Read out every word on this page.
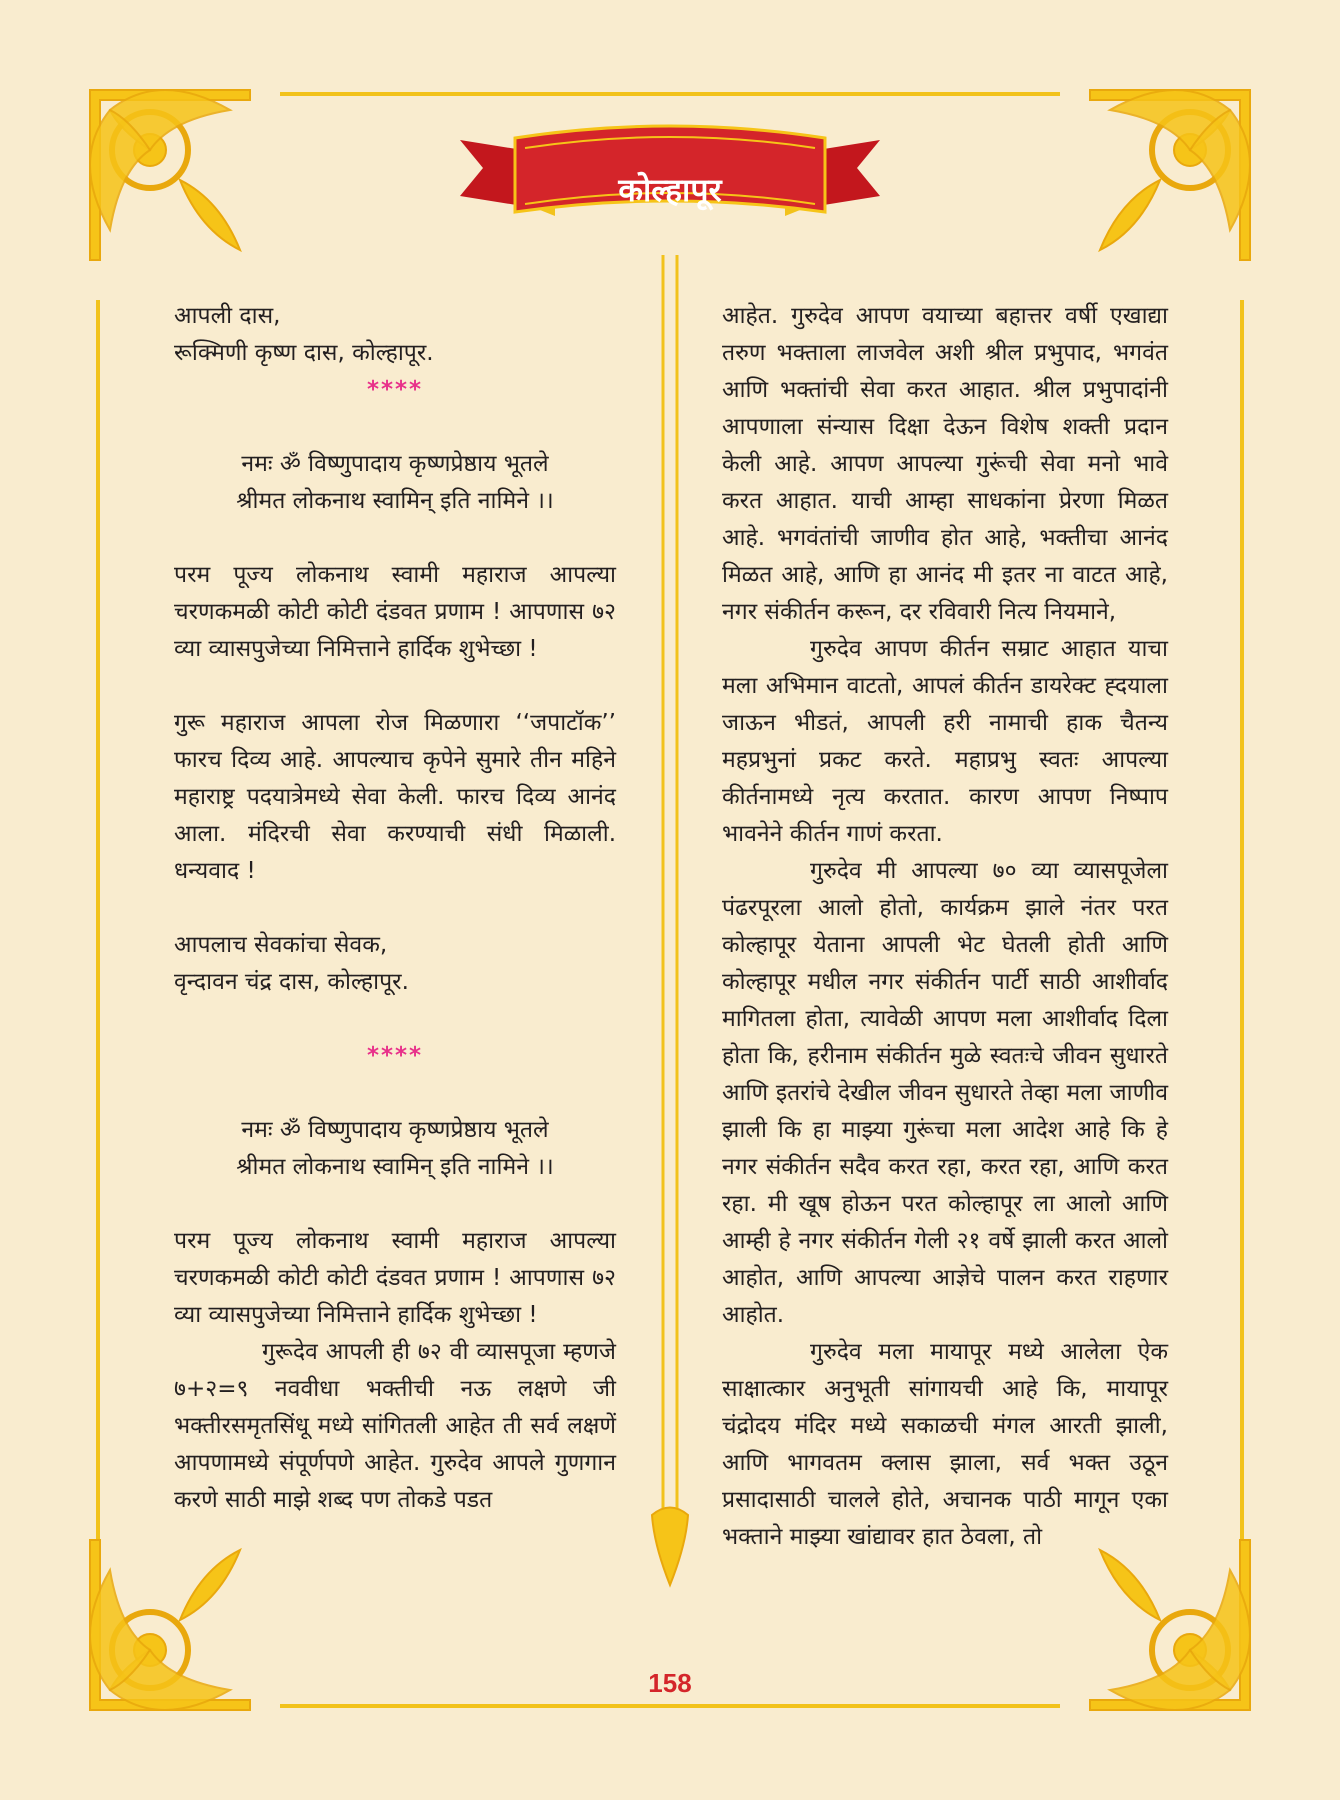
कोल्हापूर
आपली दास,
रूक्मिणी कृष्ण दास, कोल्हापूर.
****
नमः ॐ विष्णुपादाय कृष्णप्रेष्ठाय भूतले
श्रीमत लोकनाथ स्वामिन् इति नामिने ।।
परम पूज्य लोकनाथ स्वामी महाराज आपल्या चरणकमळी कोटी कोटी दंडवत प्रणाम ! आपणास ७२ व्या व्यासपुजेच्या निमित्ताने हार्दिक शुभेच्छा !
गुरू महाराज आपला रोज मिळणारा ‘‘जपाटॉक’’ फारच दिव्य आहे. आपल्याच कृपेने सुमारे तीन महिने महाराष्ट्र पदयात्रेमध्ये सेवा केली. फारच दिव्य आनंद आला. मंदिरची सेवा करण्याची संधी मिळाली. धन्यवाद !
आपलाच सेवकांचा सेवक,
वृन्दावन चंद्र दास, कोल्हापूर.
****
नमः ॐ विष्णुपादाय कृष्णप्रेष्ठाय भूतले
श्रीमत लोकनाथ स्वामिन् इति नामिने ।।
परम पूज्य लोकनाथ स्वामी महाराज आपल्या चरणकमळी कोटी कोटी दंडवत प्रणाम ! आपणास ७२ व्या व्यासपुजेच्या निमित्ताने हार्दिक शुभेच्छा !
गुरूदेव आपली ही ७२ वी व्यासपूजा म्हणजे ७+२=९ नववीधा भक्तीची नऊ लक्षणे जी भक्तीरसमृतसिंधू मध्ये सांगितली आहेत ती सर्व लक्षणें आपणामध्ये संपूर्णपणे आहेत. गुरुदेव आपले गुणगान करणे साठी माझे शब्द पण तोकडे पडत
आहेत. गुरुदेव आपण वयाच्या बहात्तर वर्षी एखाद्या तरुण भक्ताला लाजवेल अशी श्रील प्रभुपाद, भगवंत आणि भक्तांची सेवा करत आहात. श्रील प्रभुपादांनी आपणाला संन्यास दिक्षा देऊन विशेष शक्ती प्रदान केली आहे. आपण आपल्या गुरूंची सेवा मनो भावे करत आहात. याची आम्हा साधकांना प्रेरणा मिळत आहे. भगवंतांची जाणीव होत आहे, भक्तीचा आनंद मिळत आहे, आणि हा आनंद मी इतर ना वाटत आहे, नगर संकीर्तन करून, दर रविवारी नित्य नियमाने,
गुरुदेव आपण कीर्तन सम्राट आहात याचा मला अभिमान वाटतो, आपलं कीर्तन डायरेक्ट ह्दयाला जाऊन भीडतं, आपली हरी नामाची हाक चैतन्य महप्रभुनां प्रकट करते. महाप्रभु स्वतः आपल्या कीर्तनामध्ये नृत्य करतात. कारण आपण निष्पाप भावनेने कीर्तन गाणं करता.
गुरुदेव मी आपल्या ७० व्या व्यासपूजेला पंढरपूरला आलो होतो, कार्यक्रम झाले नंतर परत कोल्हापूर येताना आपली भेट घेतली होती आणि कोल्हापूर मधील नगर संकीर्तन पार्टी साठी आशीर्वाद मागितला होता, त्यावेळी आपण मला आशीर्वाद दिला होता कि, हरीनाम संकीर्तन मुळे स्वतःचे जीवन सुधारते आणि इतरांचे देखील जीवन सुधारते तेव्हा मला जाणीव झाली कि हा माझ्या गुरूंचा मला आदेश आहे कि हे नगर संकीर्तन सदैव करत रहा, करत रहा, आणि करत रहा. मी खूष होऊन परत कोल्हापूर ला आलो आणि आम्ही हे नगर संकीर्तन गेली २१ वर्षे झाली करत आलो आहोत, आणि आपल्या आज्ञेचे पालन करत राहणार आहोत.
गुरुदेव मला मायापूर मध्ये आलेला ऐक साक्षात्कार अनुभूती सांगायची आहे कि, मायापूर चंद्रोदय मंदिर मध्ये सकाळची मंगल आरती झाली, आणि भागवतम क्लास झाला, सर्व भक्त उठून प्रसादासाठी चालले होते, अचानक पाठी मागून एका भक्ताने माझ्या खांद्यावर हात ठेवला, तो
158
